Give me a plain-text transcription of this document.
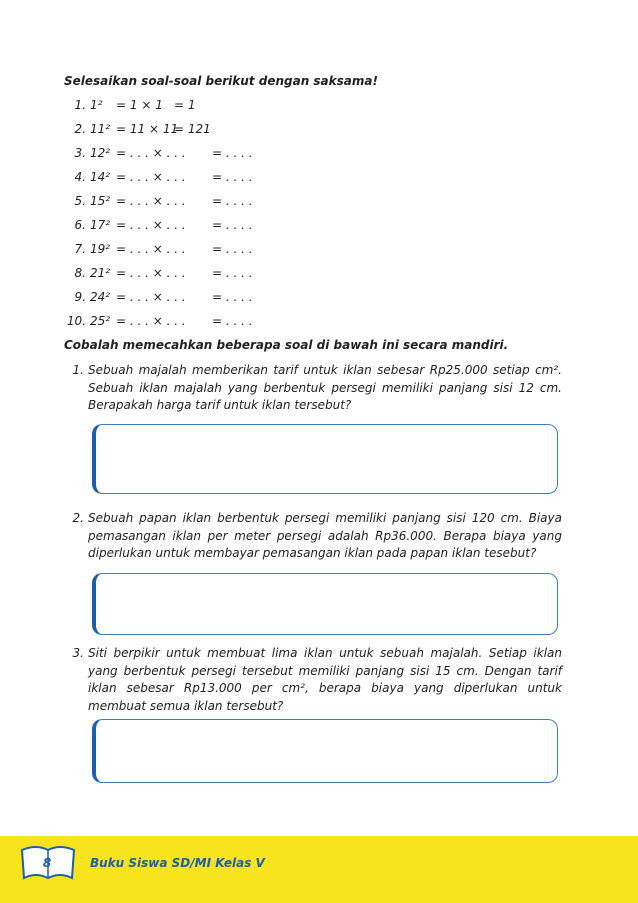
Selesaikan soal-soal berikut dengan saksama!
1. 1² = 1 × 1 = 1
2. 11² = 11 × 11
= 121
3. 12² = . . . × . . . = . . . .
4. 14² = . . . × . . . = . . . .
5. 15² = . . . × . . . = . . . .
6. 17² = . . . × . . . = . . . .
7. 19² = . . . × . . . = . . . .
8. 21² = . . . × . . . = . . . .
9. 24² = . . . × . . . = . . . .
10. 25² = . . . × . . . = . . . .
Cobalah memecahkan beberapa soal di bawah ini secara mandiri.
1. Sebuah majalah memberikan tarif untuk iklan sebesar Rp25.000 setiap cm². Sebuah iklan majalah yang berbentuk persegi memiliki panjang sisi 12 cm. Berapakah harga tarif untuk iklan tersebut?
2. Sebuah papan iklan berbentuk persegi memiliki panjang sisi 120 cm. Biaya pemasangan iklan per meter persegi adalah Rp36.000. Berapa biaya yang diperlukan untuk membayar pemasangan iklan pada papan iklan tesebut?
3. Siti berpikir untuk membuat lima iklan untuk sebuah majalah. Setiap iklan yang berbentuk persegi tersebut memiliki panjang sisi 15 cm. Dengan tarif iklan sebesar Rp13.000 per cm², berapa biaya yang diperlukan untuk membuat semua iklan tersebut?
8	Buku Siswa SD/MI Kelas V
